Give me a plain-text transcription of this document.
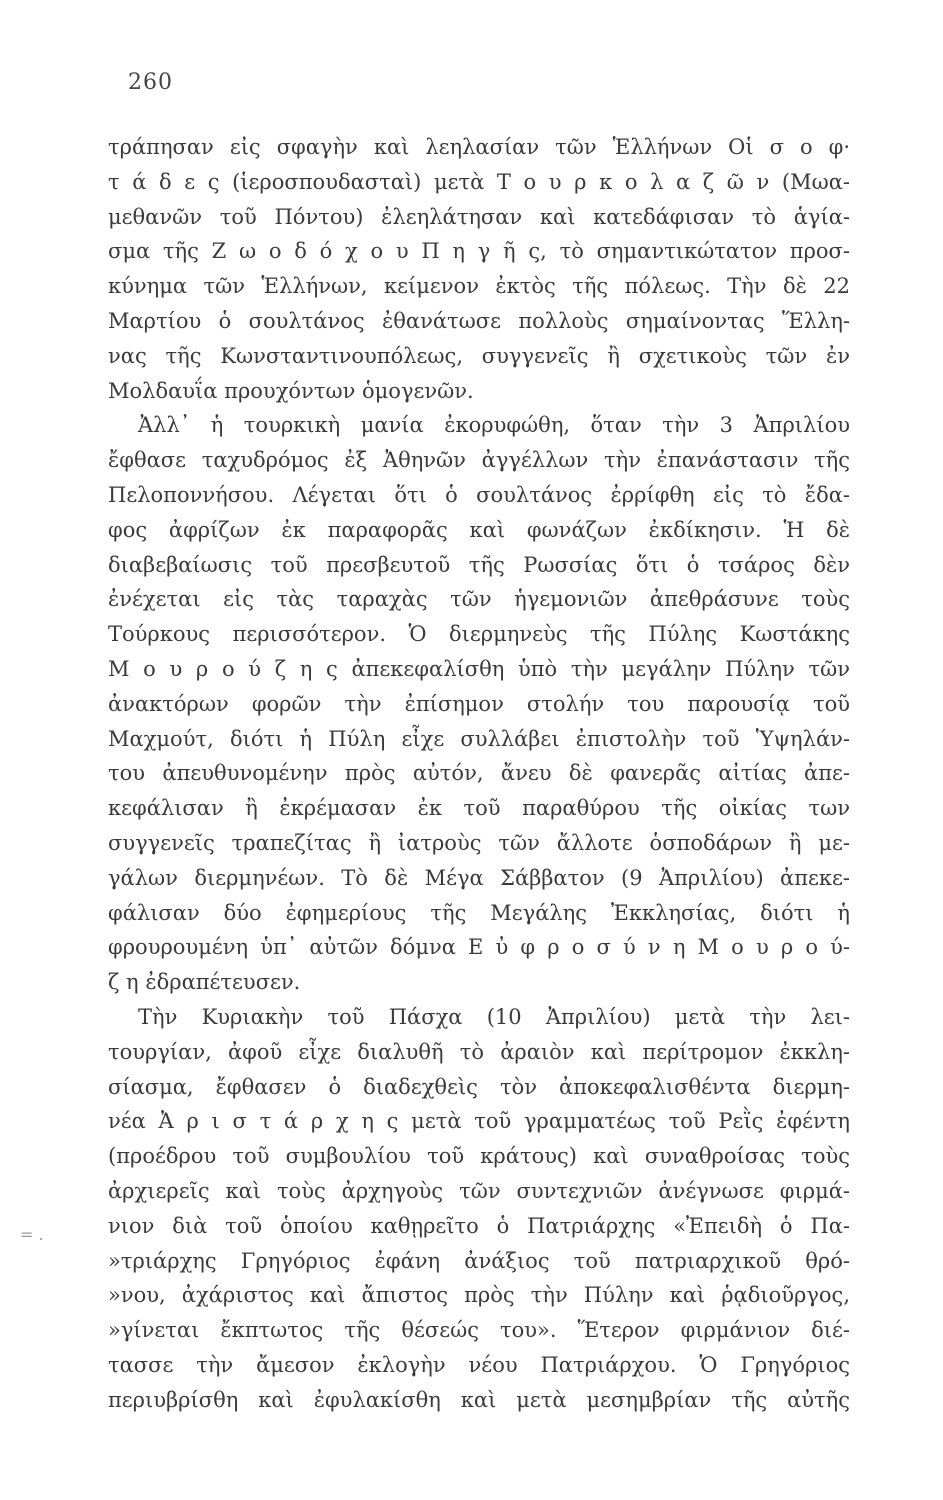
260
τράπησαν εἰς σφαγὴν καὶ λεηλασίαν τῶν Ἑλλήνων Οἱ σ ο φ·
τ ά δ ε ς (ἱεροσπουδασταὶ) μετὰ Τ ο υ ρ κ ο λ α ζ ῶ ν (Μωα-
μεθανῶν τοῦ Πόντου) ἐλεηλάτησαν καὶ κατεδάφισαν τὸ ἁγία-
σμα τῆς Ζ ω ο δ ό χ ο υ Π η γ ῆ ς, τὸ σημαντικώτατον προσ-
κύνημα τῶν Ἑλλήνων, κείμενον ἐκτὸς τῆς πόλεως. Τὴν δὲ 22
Μαρτίου ὁ σουλτάνος ἐθανάτωσε πολλοὺς σημαίνοντας Ἕλλη-
νας τῆς Κωνσταντινουπόλεως, συγγενεῖς ἢ σχετικοὺς τῶν ἐν
Μολδαυΐα προυχόντων ὁμογενῶν.
Ἀλλ᾽ ἡ τουρκικὴ μανία ἐκορυφώθη, ὅταν τὴν 3 Ἀπριλίου
ἔφθασε ταχυδρόμος ἐξ Ἀθηνῶν ἀγγέλλων τὴν ἐπανάστασιν τῆς
Πελοποννήσου. Λέγεται ὅτι ὁ σουλτάνος ἐρρίφθη εἰς τὸ ἔδα-
φος ἀφρίζων ἐκ παραφορᾶς καὶ φωνάζων ἐκδίκησιν. Ἡ δὲ
διαβεβαίωσις τοῦ πρεσβευτοῦ τῆς Ρωσσίας ὅτι ὁ τσάρος δὲν
ἐνέχεται εἰς τὰς ταραχὰς τῶν ἡγεμονιῶν ἀπεθράσυνε τοὺς
Τούρκους περισσότερον. Ὁ διερμηνεὺς τῆς Πύλης Κωστάκης
Μ ο υ ρ ο ύ ζ η ς ἀπεκεφαλίσθη ὑπὸ τὴν μεγάλην Πύλην τῶν
ἀνακτόρων φορῶν τὴν ἐπίσημον στολήν του παρουσίᾳ τοῦ
Μαχμούτ, διότι ἡ Πύλη εἶχε συλλάβει ἐπιστολὴν τοῦ Ὑψηλάν-
του ἀπευθυνομένην πρὸς αὐτόν, ἄνευ δὲ φανερᾶς αἰτίας ἀπε-
κεφάλισαν ἢ ἐκρέμασαν ἐκ τοῦ παραθύρου τῆς οἰκίας των
συγγενεῖς τραπεζίτας ἢ ἰατροὺς τῶν ἄλλοτε ὁσποδάρων ἢ με-
γάλων διερμηνέων. Τὸ δὲ Μέγα Σάββατον (9 Ἀπριλίου) ἀπεκε-
φάλισαν δύο ἐφημερίους τῆς Μεγάλης Ἐκκλησίας, διότι ἡ
φρουρουμένη ὑπ᾽ αὐτῶν δόμνα Ε ὐ φ ρ ο σ ύ ν η Μ ο υ ρ ο ύ-
ζ η ἐδραπέτευσεν.
Τὴν Κυριακὴν τοῦ Πάσχα (10 Ἀπριλίου) μετὰ τὴν λει-
τουργίαν, ἀφοῦ εἶχε διαλυθῆ τὸ ἀραιὸν καὶ περίτρομον ἐκκλη-
σίασμα, ἔφθασεν ὁ διαδεχθεὶς τὸν ἀποκεφαλισθέντα διερμη-
νέα Ἀ ρ ι σ τ ά ρ χ η ς μετὰ τοῦ γραμματέως τοῦ Ρεῒς ἐφέντη
(προέδρου τοῦ συμβουλίου τοῦ κράτους) καὶ συναθροίσας τοὺς
ἀρχιερεῖς καὶ τοὺς ἀρχηγοὺς τῶν συντεχνιῶν ἀνέγνωσε φιρμά-
νιον διὰ τοῦ ὁποίου καθῃρεῖτο ὁ Πατριάρχης «Ἐπειδὴ ὁ Πα-
»τριάρχης Γρηγόριος ἐφάνη ἀνάξιος τοῦ πατριαρχικοῦ θρό-
»νου, ἀχάριστος καὶ ἄπιστος πρὸς τὴν Πύλην καὶ ῥᾳδιοῦργος,
»γίνεται ἔκπτωτος τῆς θέσεώς του». Ἕτερον φιρμάνιον διέ-
τασσε τὴν ἄμεσον ἐκλογὴν νέου Πατριάρχου. Ὁ Γρηγόριος
περιυβρίσθη καὶ ἐφυλακίσθη καὶ μετὰ μεσημβρίαν τῆς αὐτῆς
= .
